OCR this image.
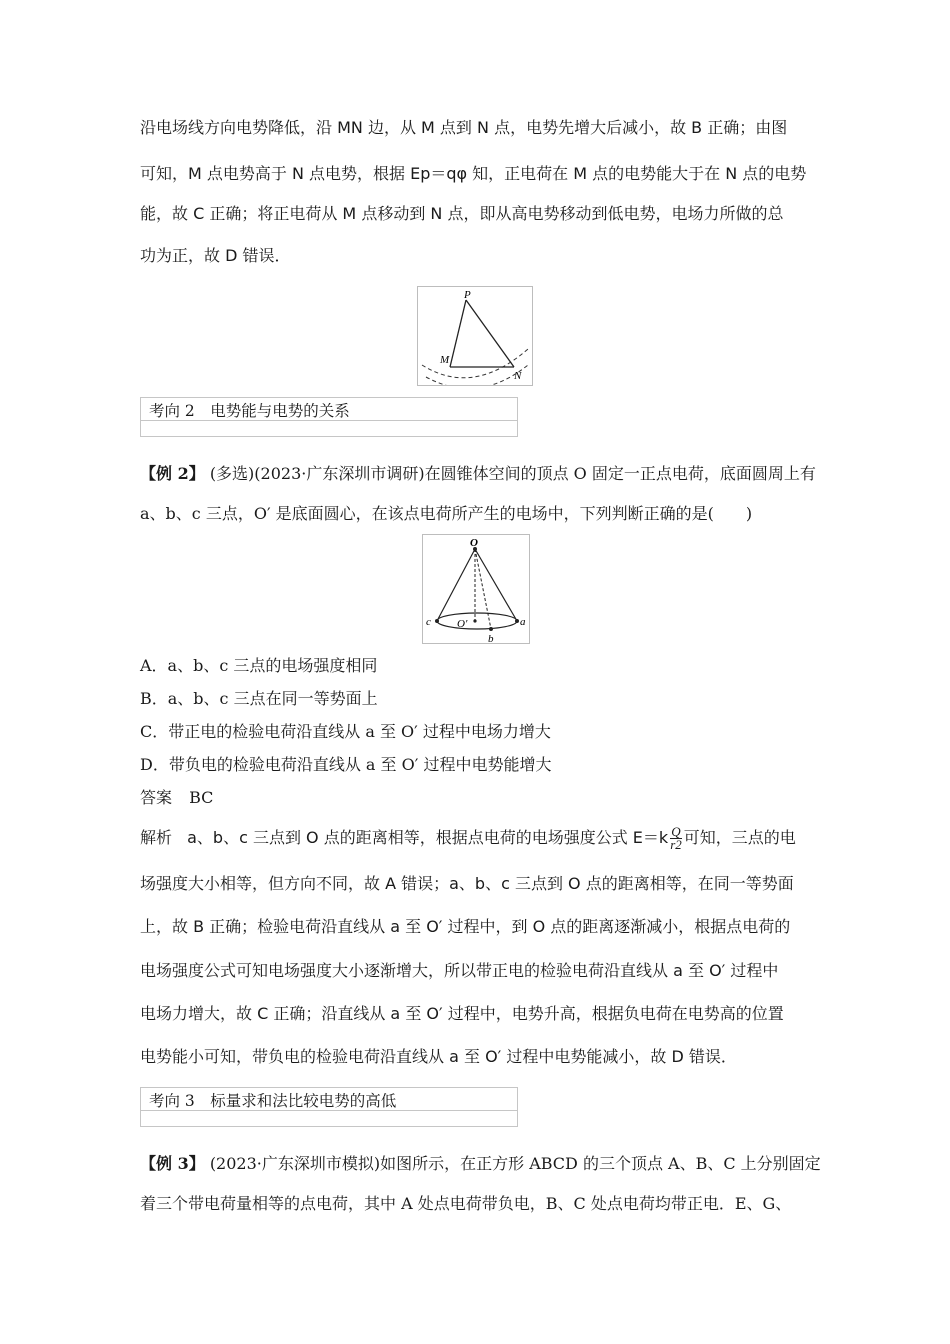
沿电场线方向电势降低，沿 MN 边，从 M 点到 N 点，电势先增大后减小，故 B 正确；由图
可知，M 点电势高于 N 点电势，根据 Ep＝qφ 知，正电荷在 M 点的电势能大于在 N 点的电势
能，故 C 正确；将正电荷从 M 点移动到 N 点，即从高电势移动到低电势，电场力所做的总
功为正，故 D 错误．
P
M
N
考向 2　电势能与电势的关系
【例 2】 (多选)(2023·广东深圳市调研)在圆锥体空间的顶点 O 固定一正点电荷，底面圆周上有
a、b、c 三点，O′ 是底面圆心，在该点电荷所产生的电场中，下列判断正确的是(　　)
O
O′	a
b
c
A．a、b、c 三点的电场强度相同
B．a、b、c 三点在同一等势面上
C．带正电的检验电荷沿直线从 a 至 O′ 过程中电场力增大
D．带负电的检验电荷沿直线从 a 至 O′ 过程中电势能增大
答案 BC
解析 a、b、c 三点到 O 点的距离相等，根据点电荷的电场强度公式 $E=k \frac{Q}{r2}$ 可知，三点的电
场强度大小相等，但方向不同，故 A 错误；a、b、c 三点到 O 点的距离相等，在同一等势面
上，故 B 正确；检验电荷沿直线从 a 至 O′ 过程中，到 O 点的距离逐渐减小，根据点电荷的
电场强度公式可知电场强度大小逐渐增大，所以带正电的检验电荷沿直线从 a 至 O′ 过程中
电场力增大，故 C 正确；沿直线从 a 至 O′ 过程中，电势升高，根据负电荷在电势高的位置
电势能小可知，带负电的检验电荷沿直线从 a 至 O′ 过程中电势能减小，故 D 错误．
考向 3　标量求和法比较电势的高低
【例 3】 (2023·广东深圳市模拟)如图所示，在正方形 ABCD 的三个顶点 A、B、C 上分别固定
着三个带电荷量相等的点电荷，其中 A 处点电荷带负电，B、C 处点电荷均带正电．E、G、
